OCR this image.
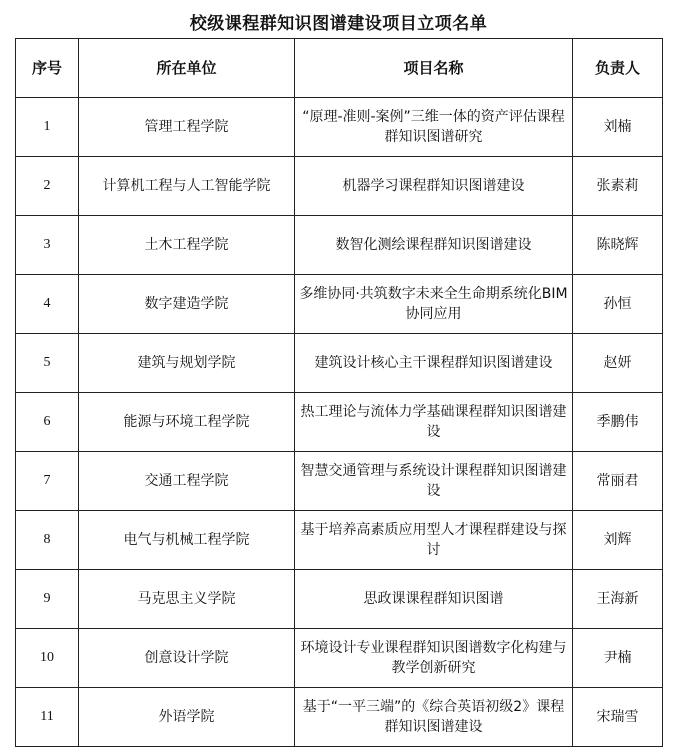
校级课程群知识图谱建设项目立项名单
序号	所在单位	项目名称	负责人
1	管理工程学院	“原理-准则-案例”三维一体的资产评估课程群知识图谱研究	刘楠
2	计算机工程与人工智能学院	机器学习课程群知识图谱建设	张素莉
3	土木工程学院	数智化测绘课程群知识图谱建设	陈晓辉
4	数字建造学院	多维协同·共筑数字未来全生命期系统化BIM协同应用	孙恒
5	建筑与规划学院	建筑设计核心主干课程群知识图谱建设	赵妍
6	能源与环境工程学院	热工理论与流体力学基础课程群知识图谱建设	季鹏伟
7	交通工程学院	智慧交通管理与系统设计课程群知识图谱建设	常丽君
8	电气与机械工程学院	基于培养高素质应用型人才课程群建设与探讨	刘辉
9	马克思主义学院	思政课课程群知识图谱	王海新
10	创意设计学院	环境设计专业课程群知识图谱数字化构建与教学创新研究	尹楠
11	外语学院	基于“一平三端”的《综合英语初级2》课程群知识图谱建设	宋瑞雪
